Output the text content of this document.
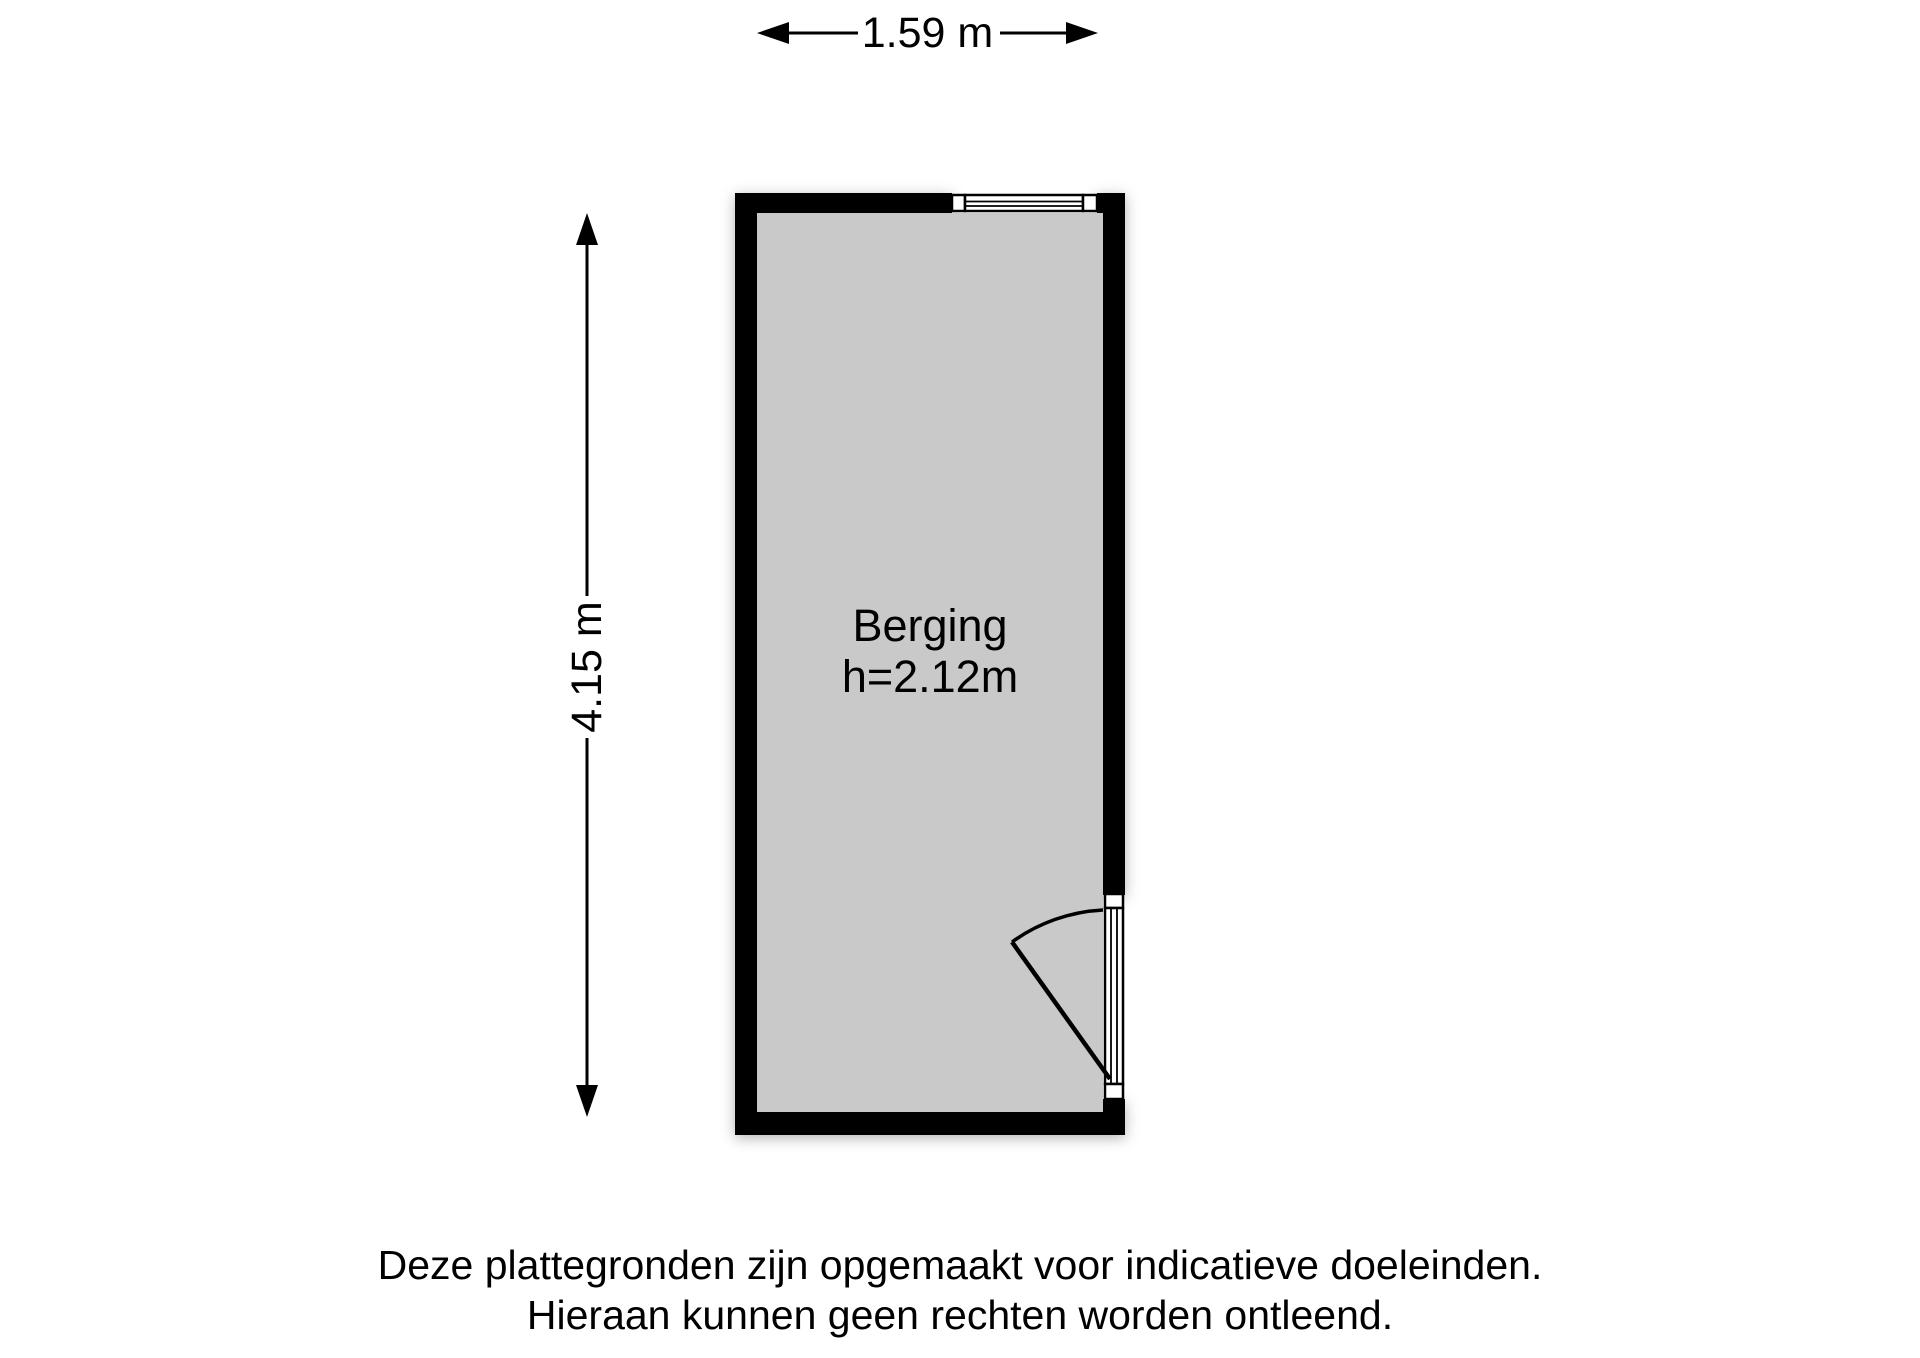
1.59 m
4.15 m	Berging
h=2.12m
Deze plattegronden zijn opgemaakt voor indicatieve doeleinden.
Hieraan kunnen geen rechten worden ontleend.
